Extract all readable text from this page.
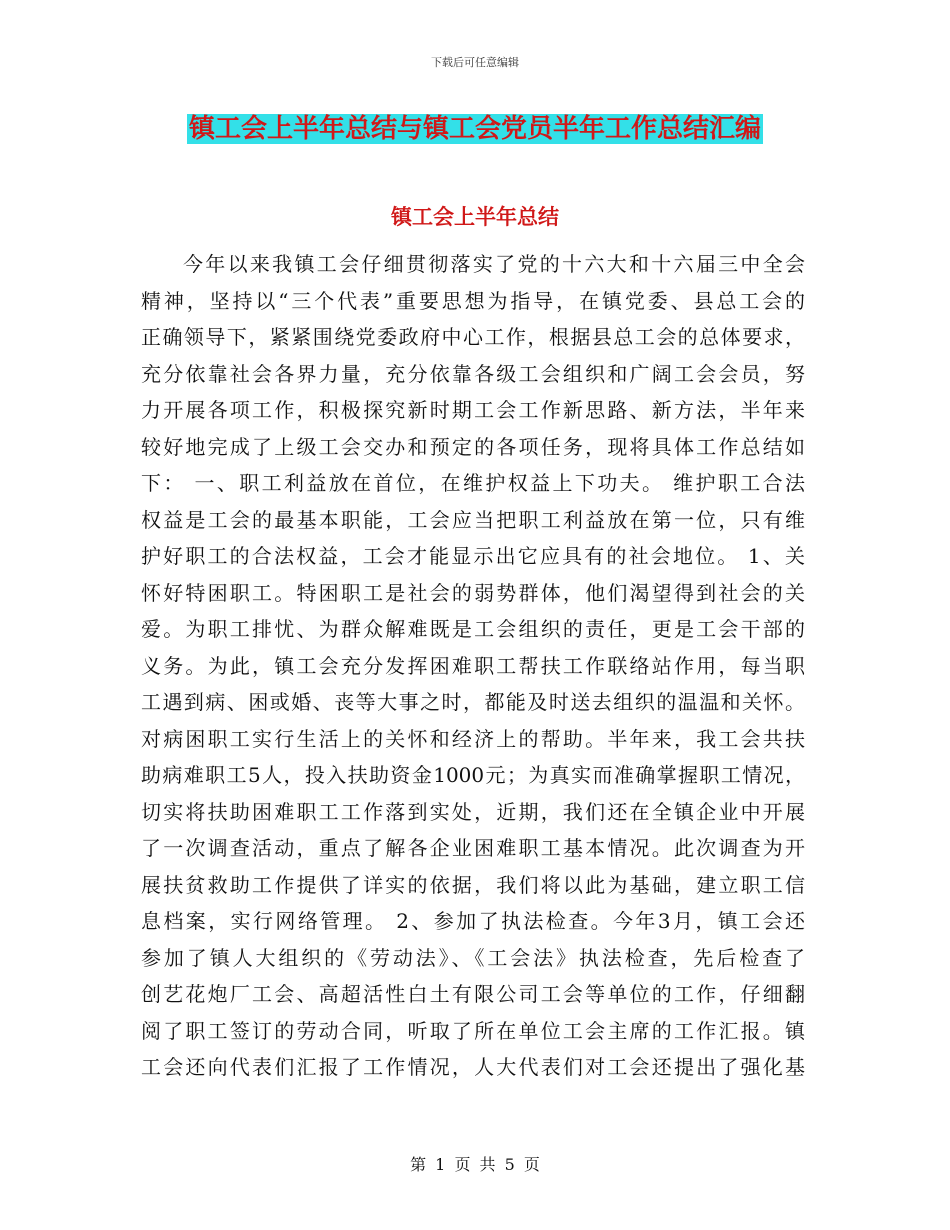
下载后可任意编辑
镇工会上半年总结与镇工会党员半年工作总结汇编
镇工会上半年总结
今年以来我镇工会仔细贯彻落实了党的十六大和十六届三中全会
精神，坚持以“三个代表”重要思想为指导，在镇党委、县总工会的
正确领导下，紧紧围绕党委政府中心工作，根据县总工会的总体要求，
充分依靠社会各界力量，充分依靠各级工会组织和广阔工会会员，努
力开展各项工作，积极探究新时期工会工作新思路、新方法，半年来
较好地完成了上级工会交办和预定的各项任务，现将具体工作总结如
下： 一、职工利益放在首位，在维护权益上下功夫。 维护职工合法
权益是工会的最基本职能，工会应当把职工利益放在第一位，只有维
护好职工的合法权益，工会才能显示出它应具有的社会地位。 1、关
怀好特困职工。特困职工是社会的弱势群体，他们渴望得到社会的关
爱。为职工排忧、为群众解难既是工会组织的责任，更是工会干部的
义务。为此，镇工会充分发挥困难职工帮扶工作联络站作用，每当职
工遇到病、困或婚、丧等大事之时，都能及时送去组织的温温和关怀。
对病困职工实行生活上的关怀和经济上的帮助。半年来，我工会共扶
助病难职工5人，投入扶助资金1000元；为真实而准确掌握职工情况，
切实将扶助困难职工工作落到实处，近期，我们还在全镇企业中开展
了一次调查活动，重点了解各企业困难职工基本情况。此次调查为开
展扶贫救助工作提供了详实的依据，我们将以此为基础，建立职工信
息档案，实行网络管理。 2、参加了执法检查。今年3月，镇工会还
参加了镇人大组织的《劳动法》、《工会法》执法检查，先后检查了
创艺花炮厂工会、高超活性白土有限公司工会等单位的工作，仔细翻
阅了职工签订的劳动合同，听取了所在单位工会主席的工作汇报。镇
工会还向代表们汇报了工作情况，人大代表们对工会还提出了强化基
第 1 页 共 5 页
